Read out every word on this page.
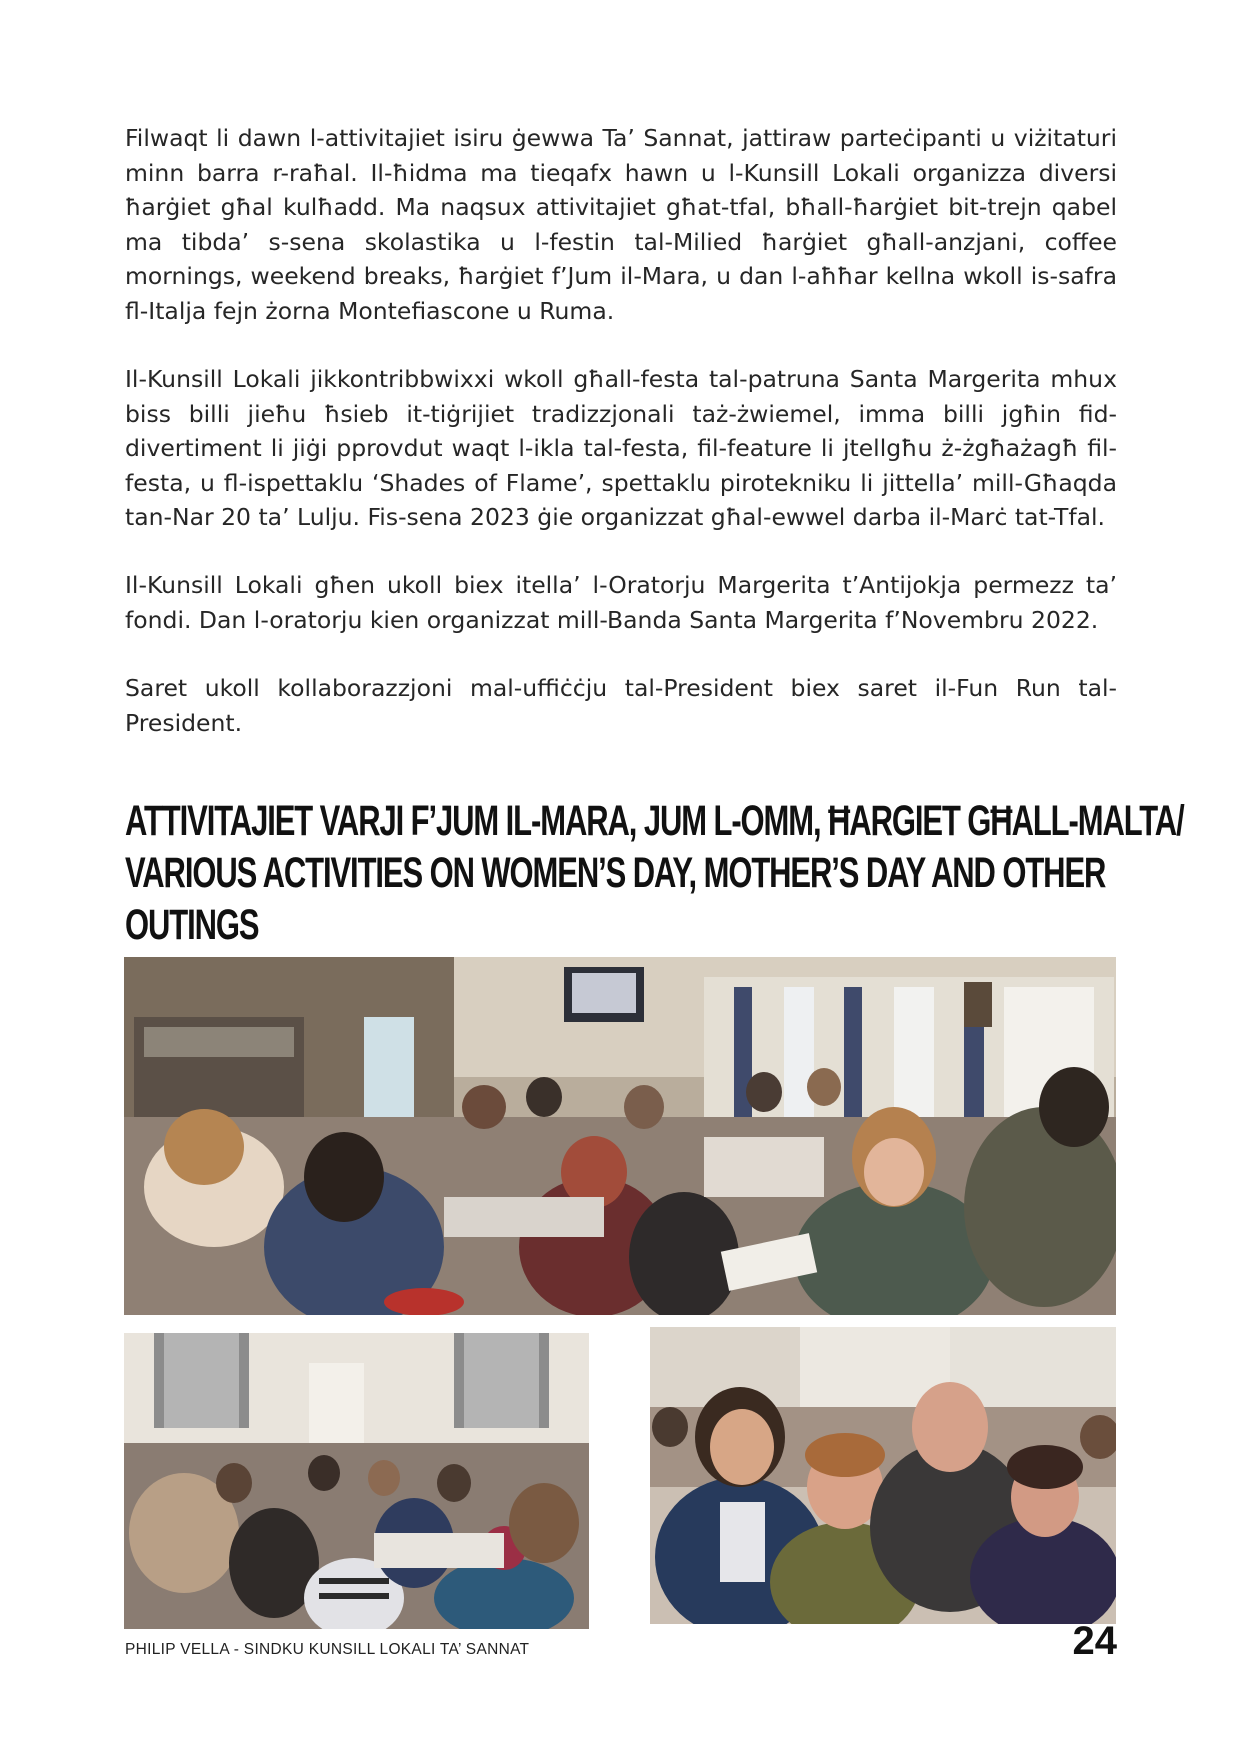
Filwaqt li dawn l-attivitajiet isiru ġewwa Ta’ Sannat, jattiraw parteċipanti u viżitaturi minn barra r-raħal. Il-ħidma ma tieqafx hawn u l-Kunsill Lokali organizza diversi ħarġiet għal kulħadd. Ma naqsux attivitajiet għat-tfal, bħall-ħarġiet bit-trejn qabel ma tibda’ s-sena skolastika u l-festin tal-Milied ħarġiet għall-anzjani, coffee mornings, weekend breaks, ħarġiet f’Jum il-Mara, u dan l-aħħar kellna wkoll is-safra fl-Italja fejn żorna Montefiascone u Ruma.

Il-Kunsill Lokali jikkontribbwixxi wkoll għall-festa tal-patruna Santa Margerita mhux biss billi jieħu ħsieb it-tiġrijiet tradizzjonali taż-żwiemel, imma billi jgħin fid-divertiment li jiġi pprovdut waqt l-ikla tal-festa, fil-feature li jtellgħu ż-żgħażagħ fil-festa, u fl-ispettaklu ‘Shades of Flame’, spettaklu pirotekniku li jittella’ mill-Għaqda tan-Nar 20 ta’ Lulju. Fis-sena 2023 ġie organizzat għal-ewwel darba il-Marċ tat-Tfal.

Il-Kunsill Lokali għen ukoll biex itella’ l-Oratorju Margerita t’Antijokja permezz ta’ fondi. Dan l-oratorju kien organizzat mill-Banda Santa Margerita f’Novembru 2022.

Saret ukoll kollaborazzjoni mal-uffiċċju tal-President biex saret il-Fun Run tal-President.

ATTIVITAJIET VARJI F’JUM IL-MARA, JUM L-OMM, ĦARGIET GĦALL-MALTA/
VARIOUS ACTIVITIES ON WOMEN’S DAY, MOTHER’S DAY AND OTHER
OUTINGS
PHILIP VELLA - SINDKU KUNSILL LOKALI TA’ SANNAT	24
